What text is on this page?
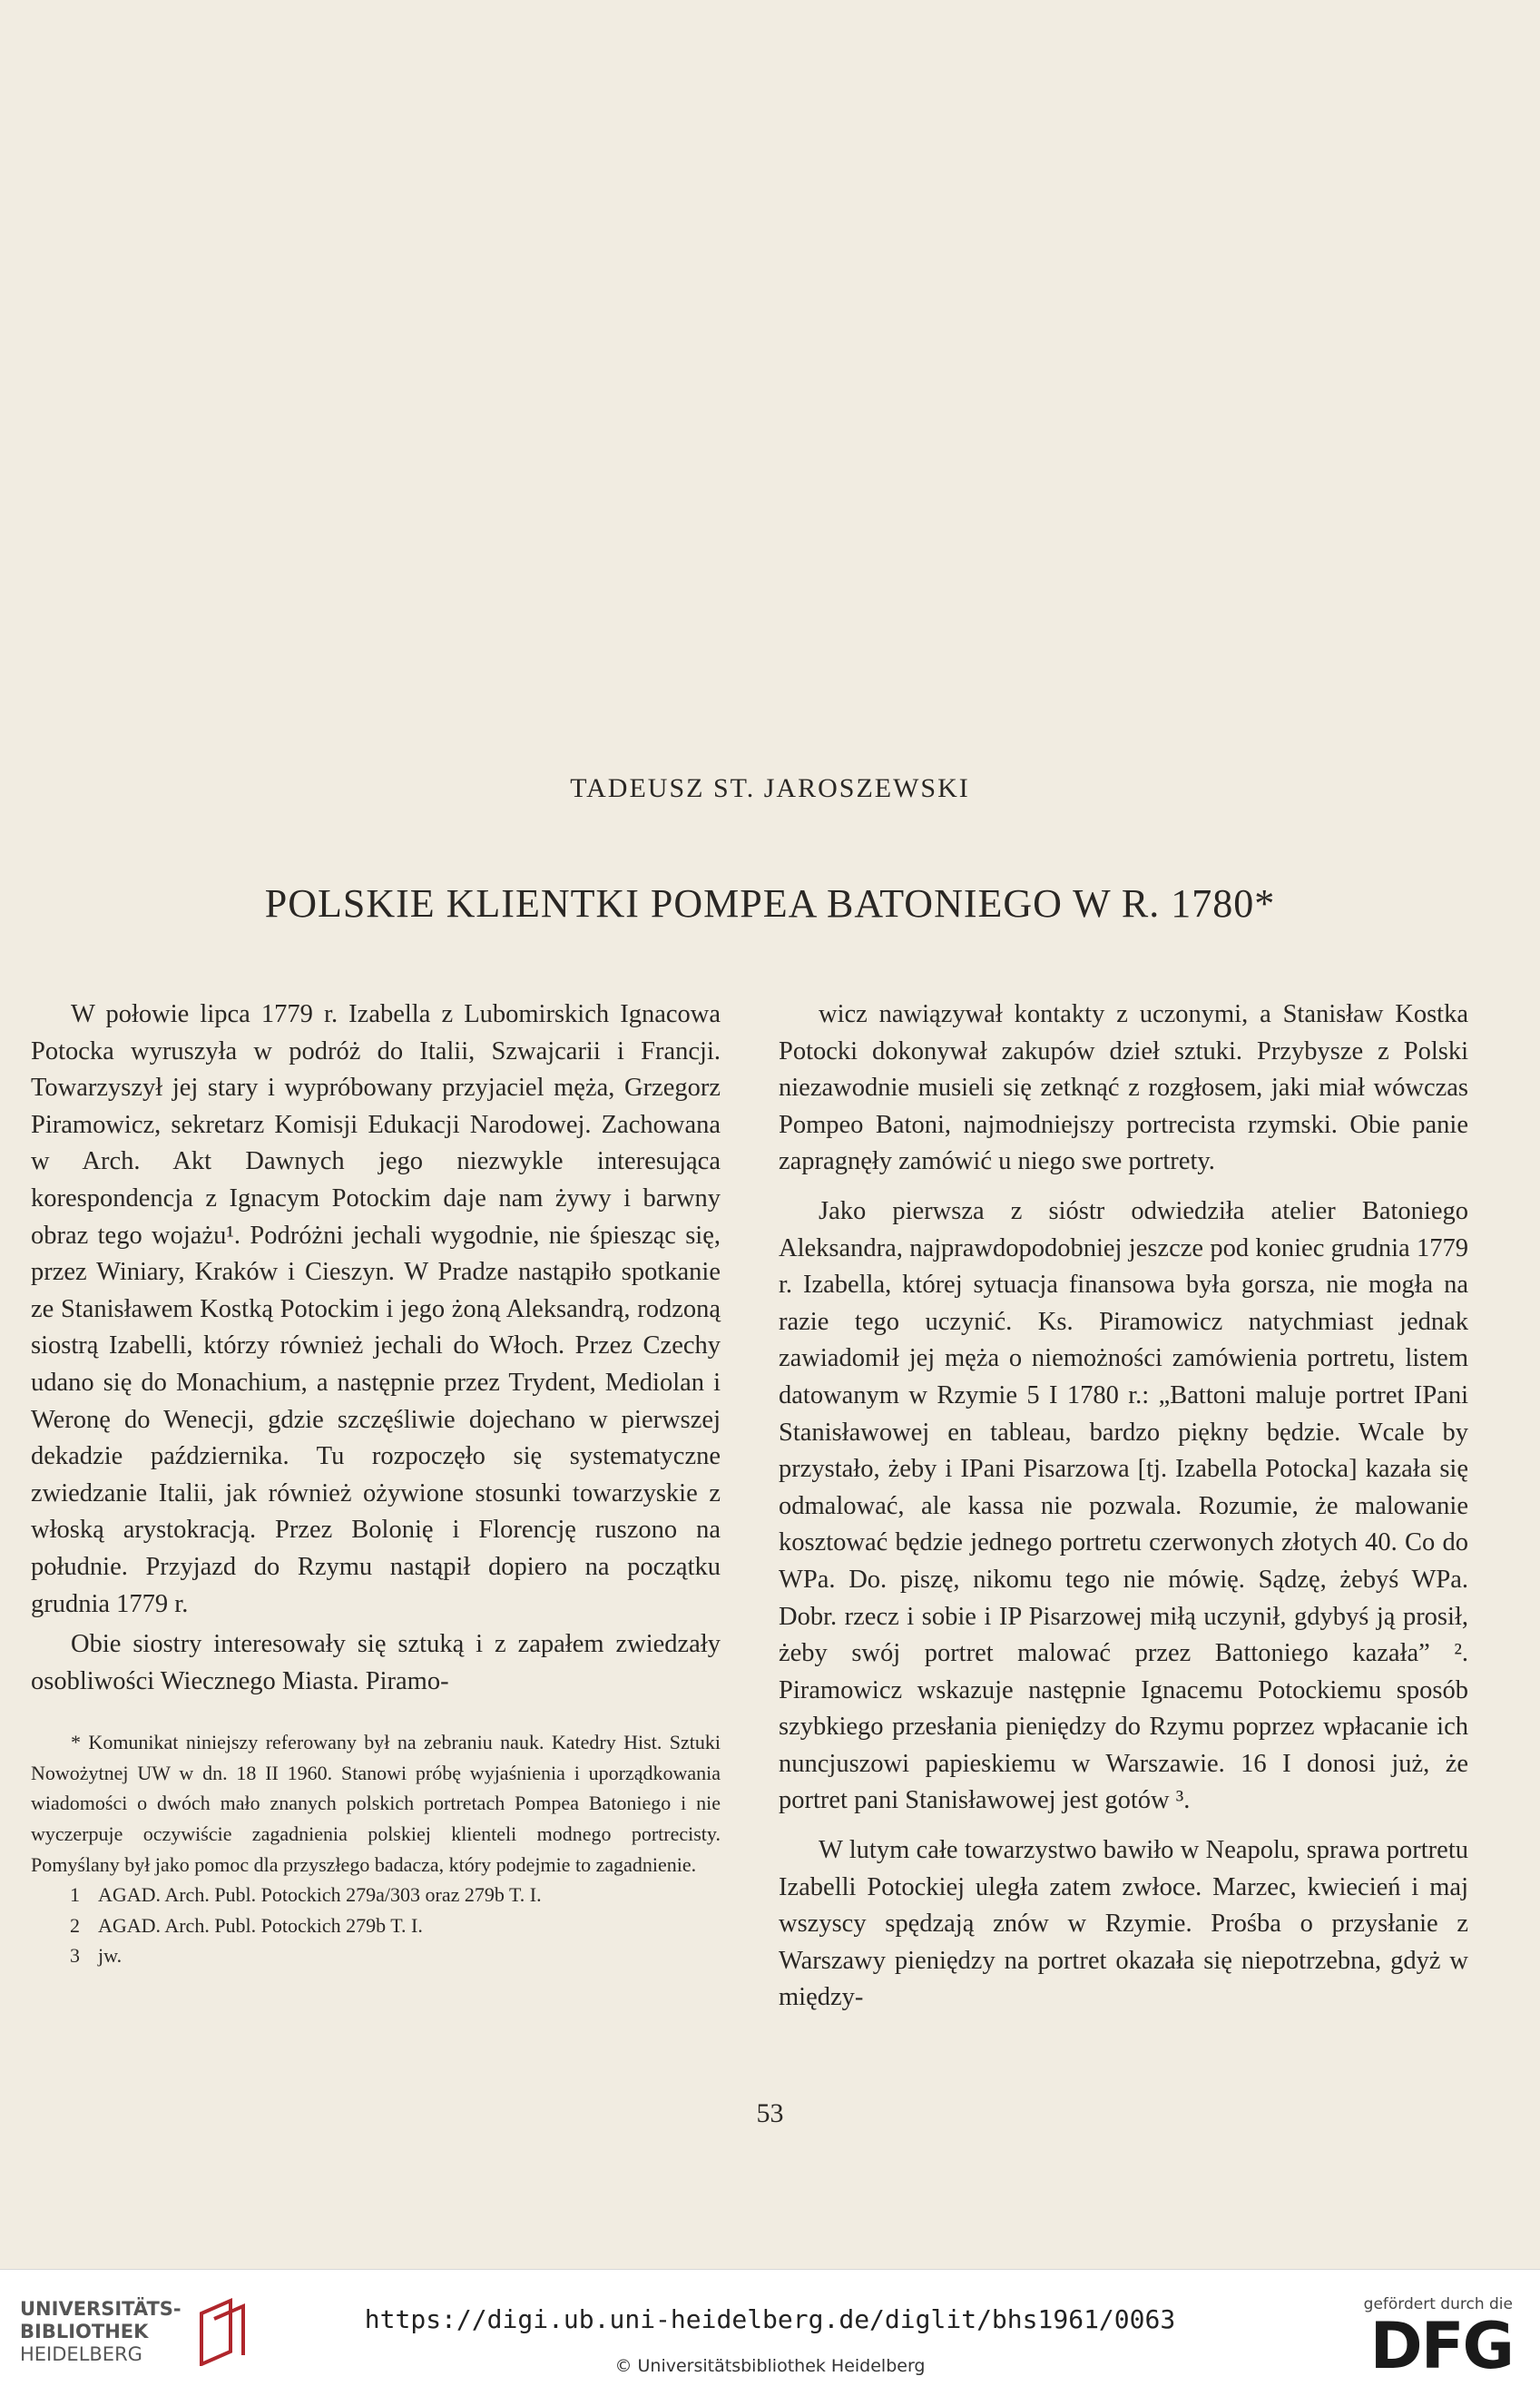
TADEUSZ ST. JAROSZEWSKI
POLSKIE KLIENTKI POMPEA BATONIEGO W R. 1780*

W połowie lipca 1779 r. Izabella z Lubomirskich Ignacowa Potocka wyruszyła w podróż do Italii, Szwajcarii i Francji. Towarzyszył jej stary i wypróbowany przyjaciel męża, Grzegorz Piramowicz, sekretarz Komisji Edukacji Narodowej. Zachowana w Arch. Akt Dawnych jego niezwykle interesująca korespondencja z Ignacym Potockim daje nam żywy i barwny obraz tego wojażu¹. Podróżni jechali wygodnie, nie śpiesząc się, przez Winiary, Kraków i Cieszyn. W Pradze nastąpiło spotkanie ze Stanisławem Kostką Potockim i jego żoną Aleksandrą, rodzoną siostrą Izabelli, którzy również jechali do Włoch. Przez Czechy udano się do Monachium, a następnie przez Trydent, Mediolan i Weronę do Wenecji, gdzie szczęśliwie dojechano w pierwszej dekadzie października. Tu rozpoczęło się systematyczne zwiedzanie Italii, jak również ożywione stosunki towarzyskie z włoską arystokracją. Przez Bolonię i Florencję ruszono na południe. Przyjazd do Rzymu nastąpił dopiero na początku grudnia 1779 r.

Obie siostry interesowały się sztuką i z zapałem zwiedzały osobliwości Wiecznego Miasta. Piramo-

* Komunikat niniejszy referowany był na zebraniu nauk. Katedry Hist. Sztuki Nowożytnej UW w dn. 18 II 1960. Stanowi próbę wyjaśnienia i uporządkowania wiadomości o dwóch mało znanych polskich portretach Pompea Batoniego i nie wyczerpuje oczywiście zagadnienia polskiej klienteli modnego portrecisty. Pomyślany był jako pomoc dla przyszłego badacza, który podejmie to zagadnienie.

1 AGAD. Arch. Publ. Potockich 279a/303 oraz 279b T. I.
2 AGAD. Arch. Publ. Potockich 279b T. I.
3 jw.

wicz nawiązywał kontakty z uczonymi, a Stanisław Kostka Potocki dokonywał zakupów dzieł sztuki. Przybysze z Polski niezawodnie musieli się zetknąć z rozgłosem, jaki miał wówczas Pompeo Batoni, najmodniejszy portrecista rzymski. Obie panie zapragnęły zamówić u niego swe portrety.

Jako pierwsza z sióstr odwiedziła atelier Batoniego Aleksandra, najprawdopodobniej jeszcze pod koniec grudnia 1779 r. Izabella, której sytuacja finansowa była gorsza, nie mogła na razie tego uczynić. Ks. Piramowicz natychmiast jednak zawiadomił jej męża o niemożności zamówienia portretu, listem datowanym w Rzymie 5 I 1780 r.: „Battoni maluje portret IPani Stanisławowej en tableau, bardzo piękny będzie. Wcale by przystało, żeby i IPani Pisarzowa [tj. Izabella Potocka] kazała się odmalować, ale kassa nie pozwala. Rozumie, że malowanie kosztować będzie jednego portretu czerwonych złotych 40. Co do WPa. Do. piszę, nikomu tego nie mówię. Sądzę, żebyś WPa. Dobr. rzecz i sobie i IP Pisarzowej miłą uczynił, gdybyś ją prosił, żeby swój portret malować przez Battoniego kazała” ². Piramowicz wskazuje następnie Ignacemu Potockiemu sposób szybkiego przesłania pieniędzy do Rzymu poprzez wpłacanie ich nuncjuszowi papieskiemu w Warszawie. 16 I donosi już, że portret pani Stanisławowej jest gotów ³.

W lutym całe towarzystwo bawiło w Neapolu, sprawa portretu Izabelli Potockiej uległa zatem zwłoce. Marzec, kwiecień i maj wszyscy spędzają znów w Rzymie. Prośba o przysłanie z Warszawy pieniędzy na portret okazała się niepotrzebna, gdyż w między-

53
UNIVERSITÄTS-
BIBLIOTHEK
HEIDELBERG
https://digi.ub.uni-heidelberg.de/diglit/bhs1961/0063
© Universitätsbibliothek Heidelberg
gefördert durch die
DFG
